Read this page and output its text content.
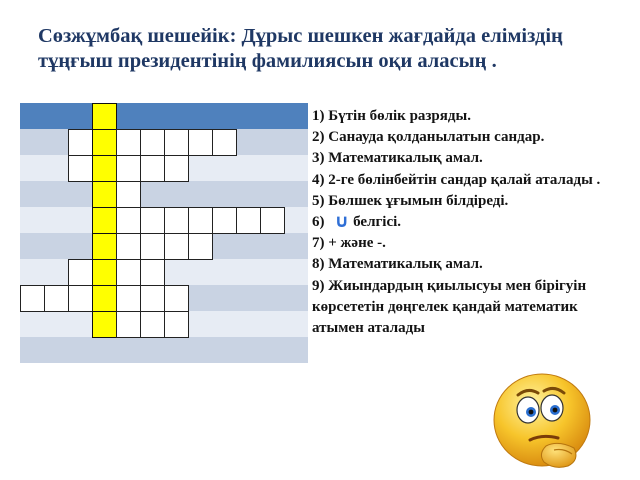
Сөзжұмбақ шешейік: Дұрыс шешкен жағдайда еліміздің тұңғыш президентінің фамилиясын оқи аласың .
1) Бүтін бөлік разряды.
2) Санауда қолданылатын сандар.
3) Математикалық амал.
4) 2-ге бөлінбейтін сандар қалай аталады .
5) Бөлшек ұғымын білдіреді.
6) ∪ белгісі.
7) + және -.
8) Математикалық амал.
9) Жиындардың қиылысуы мен бірігуін көрсететін дөңгелек қандай математик атымен аталады
